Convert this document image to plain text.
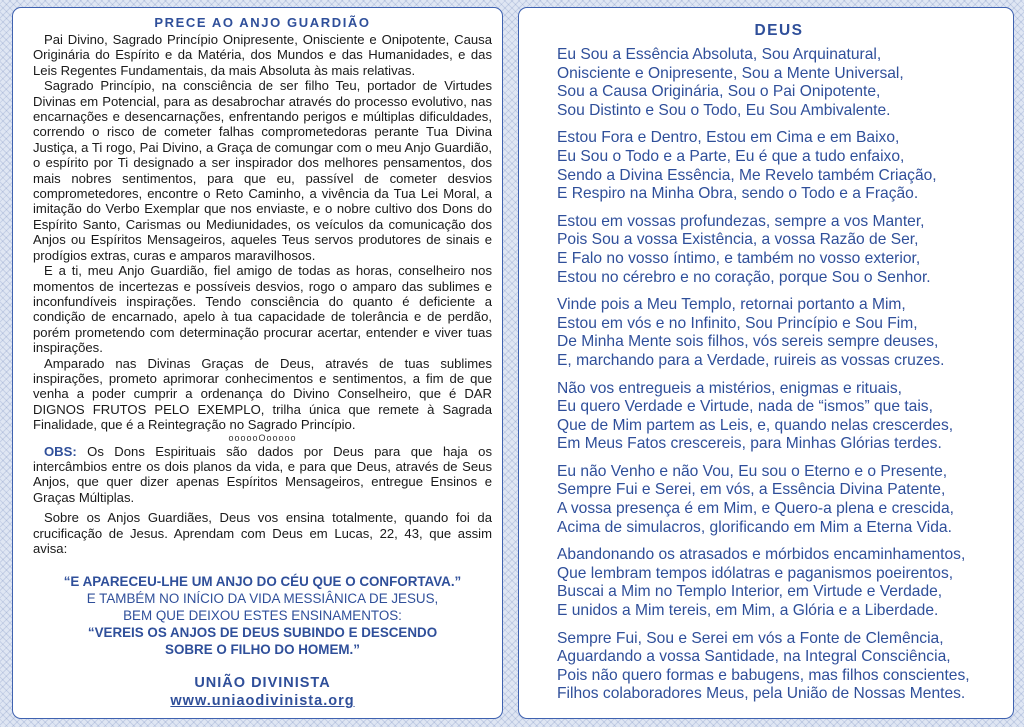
PRECE AO ANJO GUARDIÃO

Pai Divino, Sagrado Princípio Onipresente, Onisciente e Onipotente, Causa Originária do Espírito e da Matéria, dos Mundos e das Humanidades, e das Leis Regentes Fundamentais, da mais Absoluta às mais relativas.

Sagrado Princípio, na consciência de ser filho Teu, portador de Virtudes Divinas em Potencial, para as desabrochar através do processo evolutivo, nas encarnações e desencarnações, enfrentando perigos e múltiplas dificuldades, correndo o risco de cometer falhas comprometedoras perante Tua Divina Justiça, a Ti rogo, Pai Divino, a Graça de comungar com o meu Anjo Guardião, o espírito por Ti designado a ser inspirador dos melhores pensamentos, dos mais nobres sentimentos, para que eu, passível de cometer desvios comprometedores, encontre o Reto Caminho, a vivência da Tua Lei Moral, a imitação do Verbo Exemplar que nos enviaste, e o nobre cultivo dos Dons do Espírito Santo, Carismas ou Mediunidades, os veículos da comunicação dos Anjos ou Espíritos Mensageiros, aqueles Teus servos produtores de sinais e prodígios extras, curas e amparos maravilhosos.

E a ti, meu Anjo Guardião, fiel amigo de todas as horas, conselheiro nos momentos de incertezas e possíveis desvios, rogo o amparo das sublimes e inconfundíveis inspirações. Tendo consciência do quanto é deficiente a condição de encarnado, apelo à tua capacidade de tolerância e de perdão, porém prometendo com determinação procurar acertar, entender e viver tuas inspirações.

Amparado nas Divinas Graças de Deus, através de tuas sublimes inspirações, prometo aprimorar conhecimentos e sentimentos, a fim de que venha a poder cumprir a ordenança do Divino Conselheiro, que é DAR DIGNOS FRUTOS PELO EXEMPLO, trilha única que remete à Sagrada Finalidade, que é a Reintegração no Sagrado Princípio.

oooooOooooo

OBS: Os Dons Espirituais são dados por Deus para que haja os intercâmbios entre os dois planos da vida, e para que Deus, através de Seus Anjos, que quer dizer apenas Espíritos Mensageiros, entregue Ensinos e Graças Múltiplas.

Sobre os Anjos Guardiães, Deus vos ensina totalmente, quando foi da crucificação de Jesus. Aprendam com Deus em Lucas, 22, 43, que assim avisa:

“E APARECEU-LHE UM ANJO DO CÉU QUE O CONFORTAVA.”
E TAMBÉM NO INÍCIO DA VIDA MESSIÂNICA DE JESUS,
BEM QUE DEIXOU ESTES ENSINAMENTOS:
“VEREIS OS ANJOS DE DEUS SUBINDO E DESCENDO
SOBRE O FILHO DO HOMEM.”
UNIÃO DIVINISTA
www.uniaodivinista.org
DEUS
Eu Sou a Essência Absoluta, Sou Arquinatural,
Onisciente e Onipresente, Sou a Mente Universal,
Sou a Causa Originária, Sou o Pai Onipotente,
Sou Distinto e Sou o Todo, Eu Sou Ambivalente.
Estou Fora e Dentro, Estou em Cima e em Baixo,
Eu Sou o Todo e a Parte, Eu é que a tudo enfaixo,
Sendo a Divina Essência, Me Revelo também Criação,
E Respiro na Minha Obra, sendo o Todo e a Fração.
Estou em vossas profundezas, sempre a vos Manter,
Pois Sou a vossa Existência, a vossa Razão de Ser,
E Falo no vosso íntimo, e também no vosso exterior,
Estou no cérebro e no coração, porque Sou o Senhor.
Vinde pois a Meu Templo, retornai portanto a Mim,
Estou em vós e no Infinito, Sou Princípio e Sou Fim,
De Minha Mente sois filhos, vós sereis sempre deuses,
E, marchando para a Verdade, ruireis as vossas cruzes.
Não vos entregueis a mistérios, enigmas e rituais,
Eu quero Verdade e Virtude, nada de “ismos” que tais,
Que de Mim partem as Leis, e, quando nelas crescerdes,
Em Meus Fatos crescereis, para Minhas Glórias terdes.
Eu não Venho e não Vou, Eu sou o Eterno e o Presente,
Sempre Fui e Serei, em vós, a Essência Divina Patente,
A vossa presença é em Mim, e Quero-a plena e crescida,
Acima de simulacros, glorificando em Mim a Eterna Vida.
Abandonando os atrasados e mórbidos encaminhamentos,
Que lembram tempos idólatras e paganismos poeirentos,
Buscai a Mim no Templo Interior, em Virtude e Verdade,
E unidos a Mim tereis, em Mim, a Glória e a Liberdade.
Sempre Fui, Sou e Serei em vós a Fonte de Clemência,
Aguardando a vossa Santidade, na Integral Consciência,
Pois não quero formas e babugens, mas filhos conscientes,
Filhos colaboradores Meus, pela União de Nossas Mentes.
